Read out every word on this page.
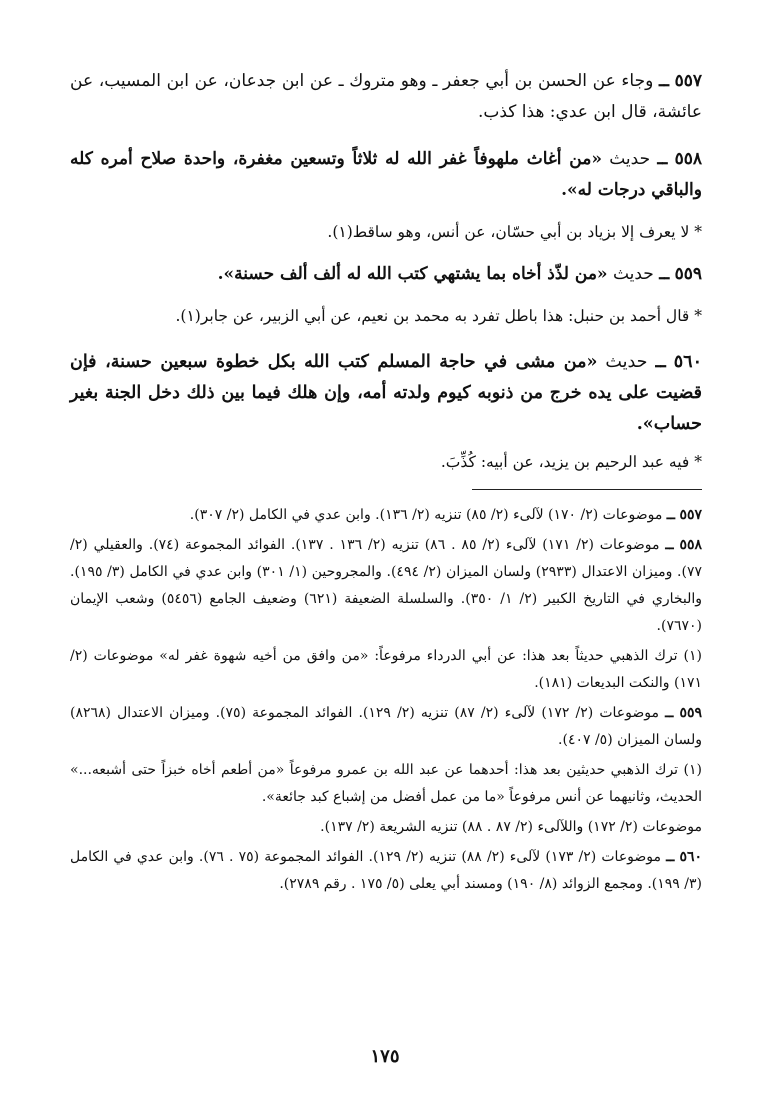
٥٥٧ ــ وجاء عن الحسن بن أبي جعفر ـ وهو متروك ـ عن ابن جدعان، عن ابن المسيب، عن عائشة، قال ابن عدي: هذا كذب.

٥٥٨ ــ حديث «من أغاث ملهوفاً غفر الله له ثلاثاً وتسعين مغفرة، واحدة صلاح أمره كله والباقي درجات له».

* لا يعرف إلا بزياد بن أبي حسّان، عن أنس، وهو ساقط(١).

٥٥٩ ــ حديث «من لذّذ أخاه بما يشتهي كتب الله له ألف ألف حسنة».

* قال أحمد بن حنبل: هذا باطل تفرد به محمد بن نعيم، عن أبي الزبير، عن جابر(١).

٥٦٠ ــ حديث «من مشى في حاجة المسلم كتب الله بكل خطوة سبعين حسنة، فإن قضيت على يده خرج من ذنوبه كيوم ولدته أمه، وإن هلك فيما بين ذلك دخل الجنة بغير حساب».

* فيه عبد الرحيم بن يزيد، عن أبيه: كُذِّبَ.

٥٥٧ ــ موضوعات (٢/ ١٧٠) لآلىء (٢/ ٨٥) تنزيه (٢/ ١٣٦). وابن عدي في الكامل (٢/ ٣٠٧).

٥٥٨ ــ موضوعات (٢/ ١٧١) لآلىء (٢/ ٨٥ . ٨٦) تنزيه (٢/ ١٣٦ . ١٣٧). الفوائد المجموعة (٧٤). والعقيلي (٢/ ٧٧). وميزان الاعتدال (٢٩٣٣) ولسان الميزان (٢/ ٤٩٤). والمجروحين (١/ ٣٠١) وابن عدي في الكامل (٣/ ١٩٥). والبخاري في التاريخ الكبير (٢/ ١/ ٣٥٠). والسلسلة الضعيفة (٦٢١) وضعيف الجامع (٥٤٥٦) وشعب الإيمان (٧٦٧٠).

(١) ترك الذهبي حديثاً بعد هذا: عن أبي الدرداء مرفوعاً: «من وافق من أخيه شهوة غفر له» موضوعات (٢/ ١٧١) والنكت البديعات (١٨١).

٥٥٩ ــ موضوعات (٢/ ١٧٢) لآلىء (٢/ ٨٧) تنزيه (٢/ ١٢٩). الفوائد المجموعة (٧٥). وميزان الاعتدال (٨٢٦٨) ولسان الميزان (٥/ ٤٠٧).

(١) ترك الذهبي حديثين بعد هذا: أحدهما عن عبد الله بن عمرو مرفوعاً «من أطعم أخاه خبزاً حتى أشبعه...» الحديث، وثانيهما عن أنس مرفوعاً «ما من عمل أفضل من إشباع كبد جائعة».

موضوعات (٢/ ١٧٢) واللآلىء (٢/ ٨٧ . ٨٨) تنزيه الشريعة (٢/ ١٣٧).

٥٦٠ ــ موضوعات (٢/ ١٧٣) لآلىء (٢/ ٨٨) تنزيه (٢/ ١٢٩). الفوائد المجموعة (٧٥ . ٧٦). وابن عدي في الكامل (٣/ ١٩٩). ومجمع الزوائد (٨/ ١٩٠) ومسند أبي يعلى (٥/ ١٧٥ . رقم ٢٧٨٩).

١٧٥
